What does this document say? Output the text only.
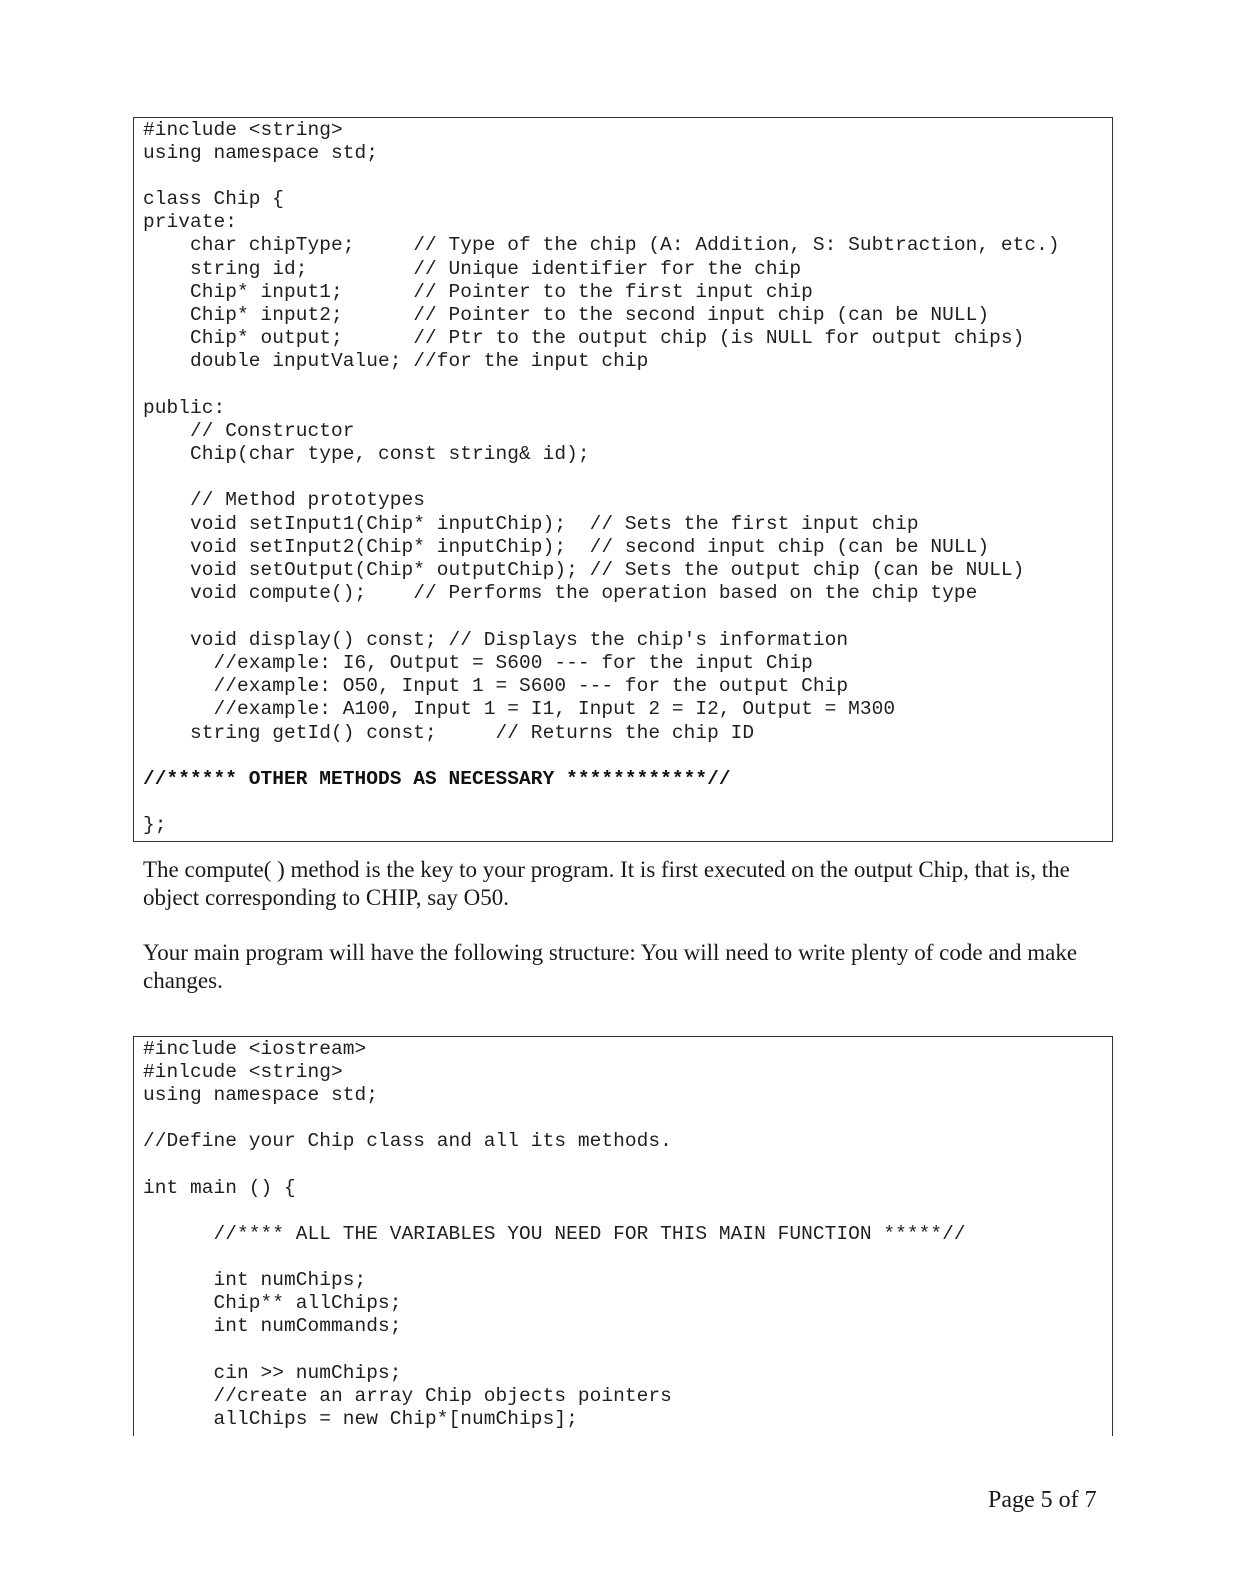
#include <string>
using namespace std;
class Chip {
private:
char chipType;     // Type of the chip (A: Addition, S: Subtraction, etc.)
string id;         // Unique identifier for the chip
Chip* input1;      // Pointer to the first input chip
Chip* input2;      // Pointer to the second input chip (can be NULL)
Chip* output;      // Ptr to the output chip (is NULL for output chips)
double inputValue; //for the input chip
public:
// Constructor
Chip(char type, const string& id);
// Method prototypes
void setInput1(Chip* inputChip);  // Sets the first input chip
void setInput2(Chip* inputChip);  // second input chip (can be NULL)
void setOutput(Chip* outputChip); // Sets the output chip (can be NULL)
void compute();    // Performs the operation based on the chip type
void display() const; // Displays the chip's information
//example: I6, Output = S600 --- for the input Chip
//example: O50, Input 1 = S600 --- for the output Chip
//example: A100, Input 1 = I1, Input 2 = I2, Output = M300
string getId() const;     // Returns the chip ID
//****** OTHER METHODS AS NECESSARY ************//
};

The compute( ) method is the key to your program. It is first executed on the output Chip, that is, the object corresponding to CHIP, say O50.

Your main program will have the following structure: You will need to write plenty of code and make changes.

#include <iostream>
#inlcude <string>
using namespace std;
//Define your Chip class and all its methods.
int main () {
//**** ALL THE VARIABLES YOU NEED FOR THIS MAIN FUNCTION *****//
int numChips;
Chip** allChips;
int numCommands;
cin >> numChips;
//create an array Chip objects pointers
allChips = new Chip*[numChips];
Page 5 of 7
